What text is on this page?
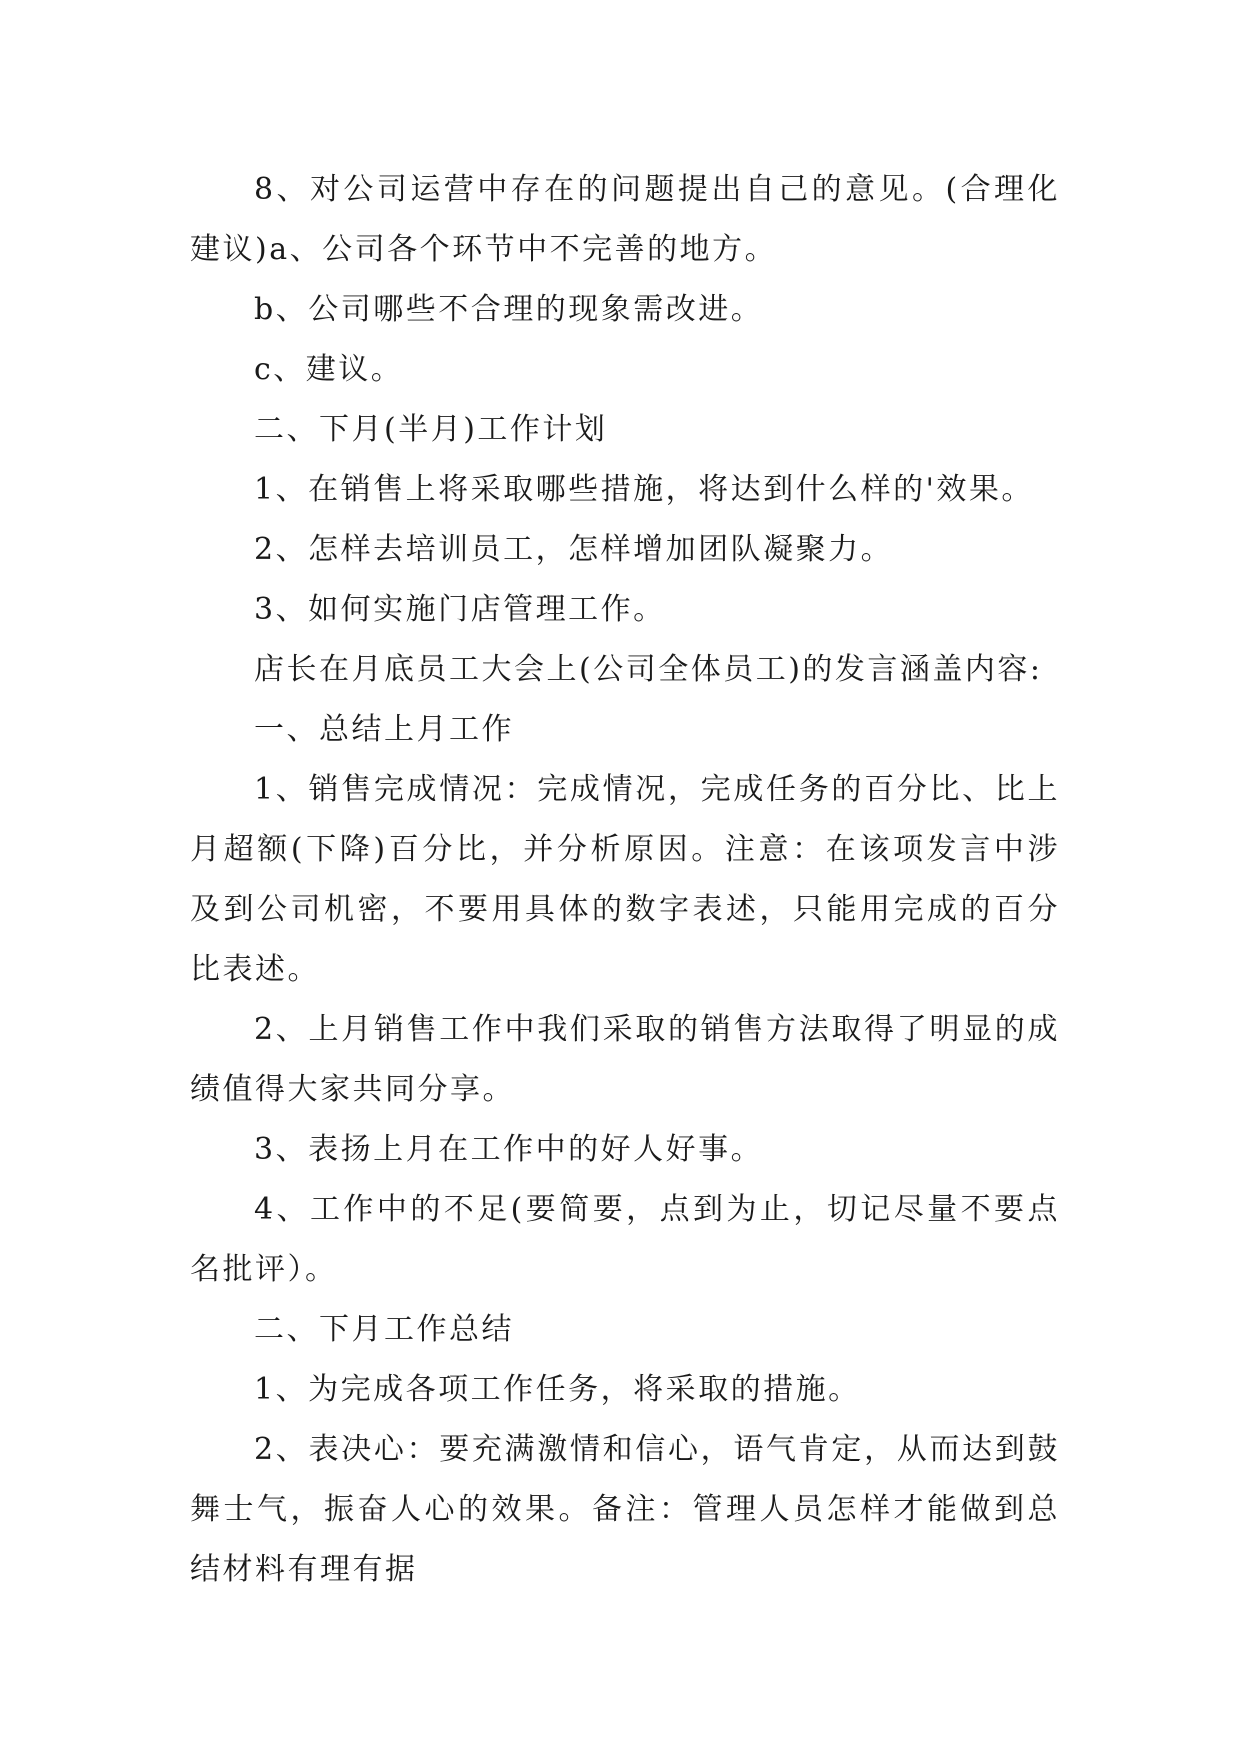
8、对公司运营中存在的问题提出自己的意见。(合理化建议)a、公司各个环节中不完善的地方。

b、公司哪些不合理的现象需改进。

c、建议。

二、下月(半月)工作计划

1、在销售上将采取哪些措施，将达到什么样的'效果。

2、怎样去培训员工，怎样增加团队凝聚力。

3、如何实施门店管理工作。

店长在月底员工大会上(公司全体员工)的发言涵盖内容:

一、总结上月工作

1、销售完成情况：完成情况，完成任务的百分比、比上月超额(下降)百分比，并分析原因。注意：在该项发言中涉及到公司机密，不要用具体的数字表述，只能用完成的百分比表述。

2、上月销售工作中我们采取的销售方法取得了明显的成绩值得大家共同分享。

3、表扬上月在工作中的好人好事。

4、工作中的不足(要简要，点到为止，切记尽量不要点名批评）。

二、下月工作总结

1、为完成各项工作任务，将采取的措施。

2、表决心：要充满激情和信心，语气肯定，从而达到鼓舞士气，振奋人心的效果。备注：管理人员怎样才能做到总结材料有理有据
